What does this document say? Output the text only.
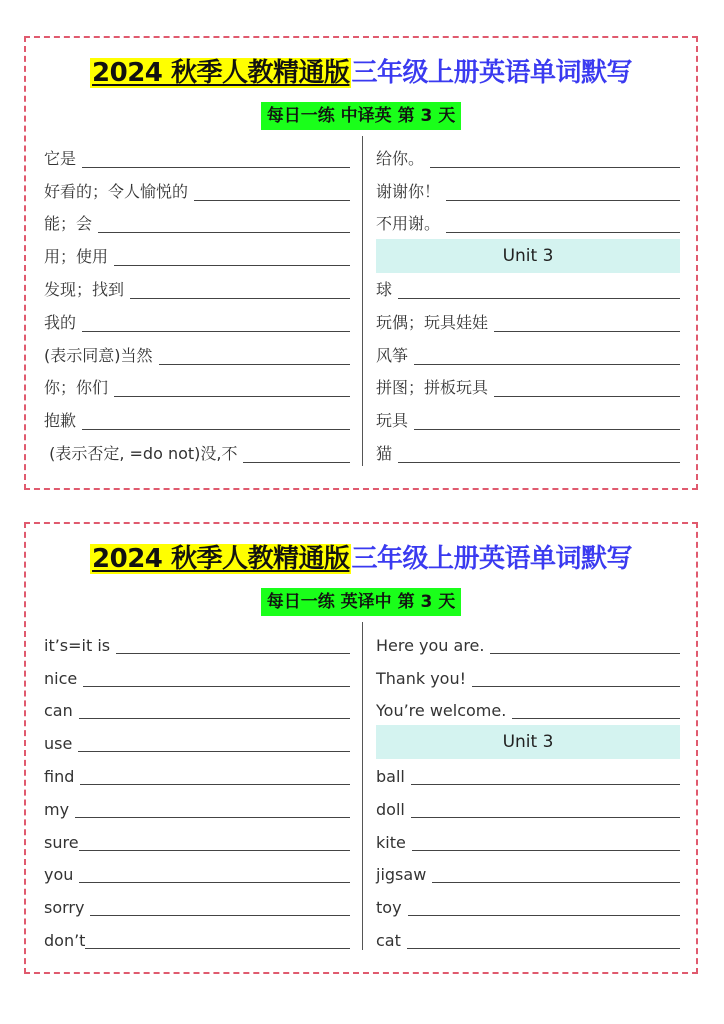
2024 秋季人教精通版三年级上册英语单词默写
每日一练 中译英 第 3 天
它是
好看的；令人愉悦的
能；会
用；使用
发现；找到
我的
(表示同意)当然
你；你们
抱歉
(表示否定, =do not)没,不
给你。
谢谢你！
不用谢。
Unit 3
球
玩偶；玩具娃娃
风筝
拼图；拼板玩具
玩具
猫
2024 秋季人教精通版三年级上册英语单词默写
每日一练 英译中 第 3 天
it’s=it is
nice
can
use
find
my
sure
you
sorry
don’t
Here you are.
Thank you!
You’re welcome.
Unit 3
ball
doll
kite
jigsaw
toy
cat
